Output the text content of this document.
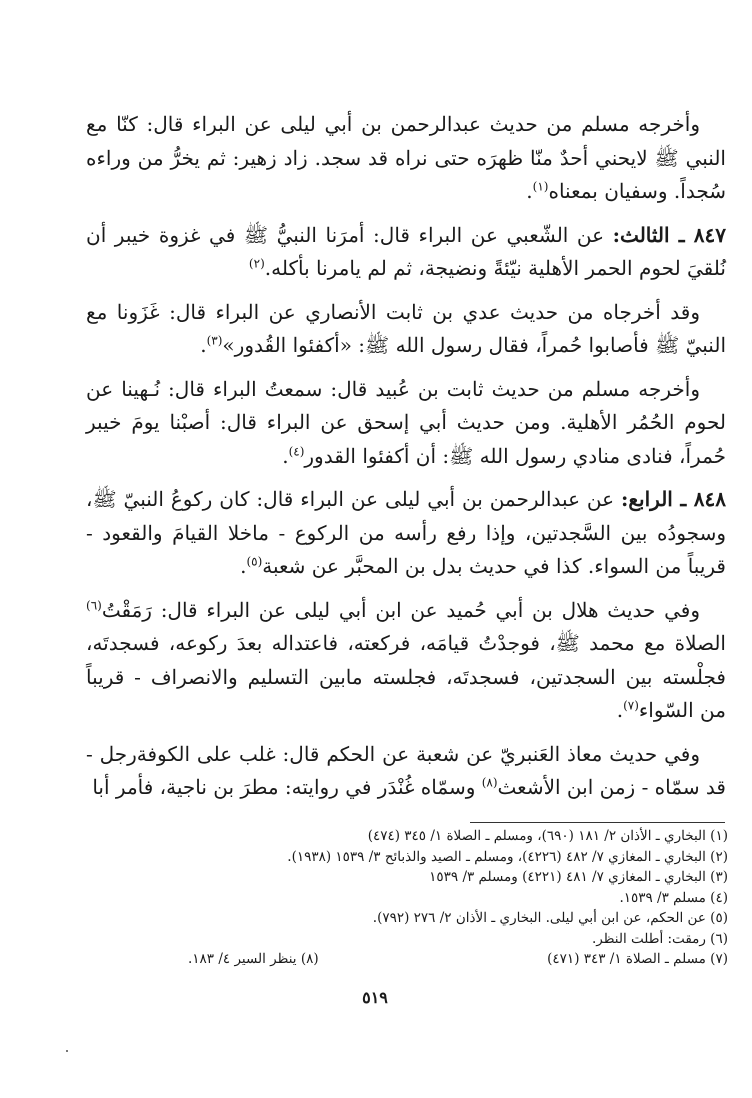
وأخرجه مسلم من حديث عبدالرحمن بن أبي ليلى عن البراء قال: كنّا مع النبي ﷺ لايحني أحدٌ منّا ظهرَه حتى نراه قد سجد. زاد زهير: ثم يخرُّ من وراءه سُجداً. وسفيان بمعناه$^{(١)}$.

٨٤٧ ـ الثالث: عن الشّعبي عن البراء قال: أمرَنا النبيُّ ﷺ في غزوة خيبر أن نُلقيَ لحوم الحمر الأهلية نيّئةً ونضيجة، ثم لم يامرنا بأكله.$^{(٢)}$

وقد أخرجاه من حديث عدي بن ثابت الأنصاري عن البراء قال: غَزَونا مع النبيّ ﷺ فأصابوا حُمراً، فقال رسول الله ﷺ: «أكفئوا القُدور»$^{(٣)}$.

وأخرجه مسلم من حديث ثابت بن عُبيد قال: سمعتُ البراء قال: نُـهينا عن لحوم الحُمُر الأهلية. ومن حديث أبي إسحق عن البراء قال: أصبْنا يومَ خيبر حُمراً، فنادى منادي رسول الله ﷺ: أن أكفئوا القدور$^{(٤)}$.

٨٤٨ ـ الرابع: عن عبدالرحمن بن أبي ليلى عن البراء قال: كان ركوعُ النبيّ ﷺ، وسجودُه بين السَّجدتين، وإذا رفع رأسه من الركوع - ماخلا القيامَ والقعود - قريباً من السواء. كذا في حديث بدل بن المحبَّر عن شعبة$^{(٥)}$.

وفي حديث هلال بن أبي حُميد عن ابن أبي ليلى عن البراء قال: رَمَقْتُ$^{(٦)}$ الصلاة مع محمد ﷺ، فوجدْتُ قيامَه، فركعته، فاعتداله بعدَ ركوعه، فسجدتَه، فجلْسته بين السجدتين، فسجدتَه، فجلسته مابين التسليم والانصراف - قريباً من السّواء$^{(٧)}$.

وفي حديث معاذ العَنبريّ عن شعبة عن الحكم قال: غلب على الكوفةرجل - قد سمّاه - زمن ابن الأشعث$^{(٨)}$ وسمّاه غُنْدَر في روايته: مطرَ بن ناجية، فأمر أبا

(١) البخاري ـ الأذان ٢/ ١٨١ (٦٩٠)، ومسلم ـ الصلاة ١/ ٣٤٥ (٤٧٤)
(٢) البخاري ـ المغازي ٧/ ٤٨٢ (٤٢٢٦)، ومسلم ـ الصيد والذبائح ٣/ ١٥٣٩ (١٩٣٨).
(٣) البخاري ـ المغازي ٧/ ٤٨١ (٤٢٢١) ومسلم ٣/ ١٥٣٩
(٤) مسلم ٣/ ١٥٣٩.
(٥) عن الحكم، عن ابن أبي ليلى. البخاري ـ الأذان ٢/ ٢٧٦ (٧٩٢).
(٦) رمقت: أطلت النظر.
(٧) مسلم ـ الصلاة ١/ ٣٤٣ (٤٧١)
(٨) ينظر السير ٤/ ١٨٣.
٥١٩
